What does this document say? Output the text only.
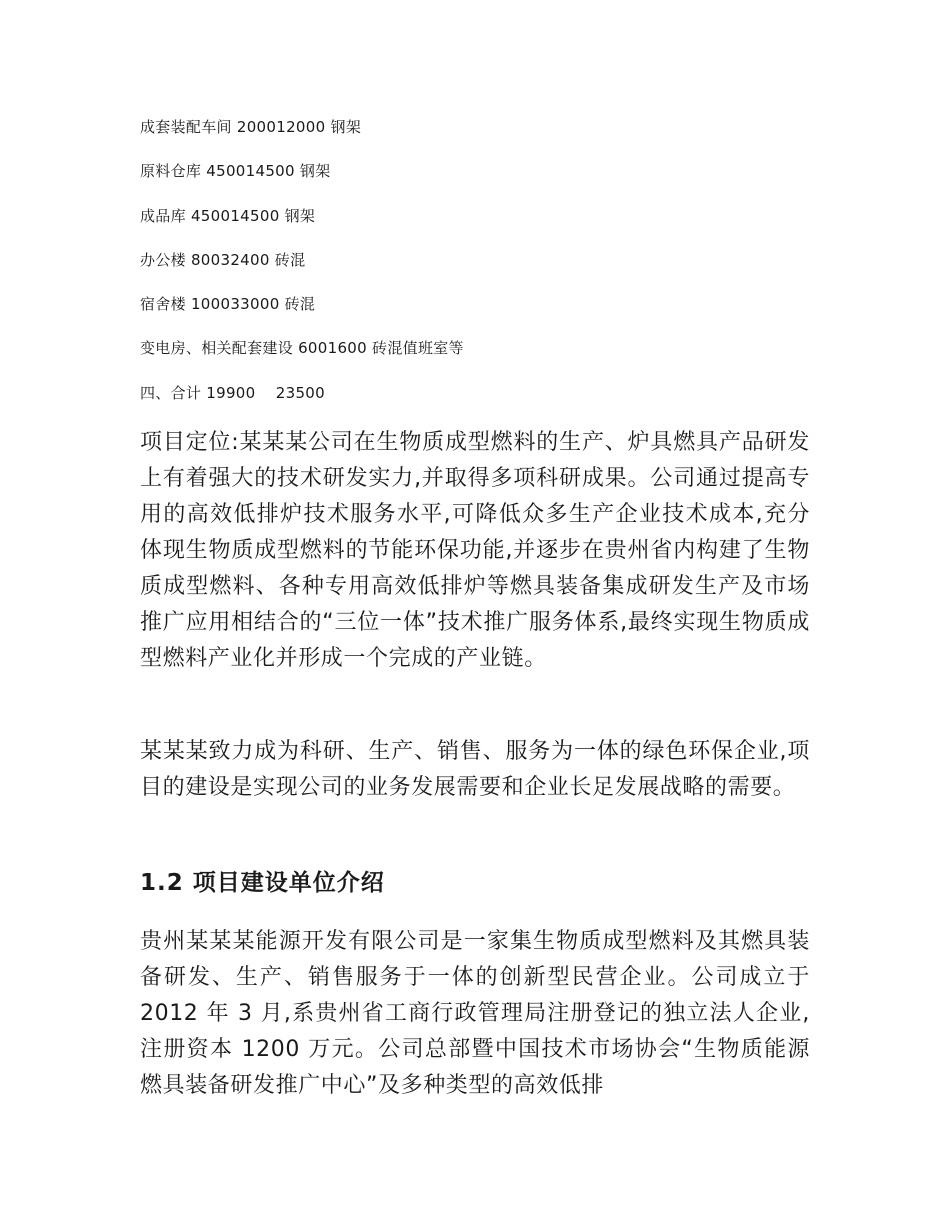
成套装配车间 200012000 钢架
原料仓库 450014500 钢架
成品库 450014500 钢架
办公楼 80032400 砖混
宿舍楼 100033000 砖混
变电房、相关配套建设 6001600 砖混值班室等
四、合计 19900    23500

项目定位:某某某公司在生物质成型燃料的生产、炉具燃具产品研发上有着强大的技术研发实力,并取得多项科研成果。公司通过提高专用的高效低排炉技术服务水平,可降低众多生产企业技术成本,充分体现生物质成型燃料的节能环保功能,并逐步在贵州省内构建了生物质成型燃料、各种专用高效低排炉等燃具装备集成研发生产及市场推广应用相结合的“三位一体”技术推广服务体系,最终实现生物质成型燃料产业化并形成一个完成的产业链。

某某某致力成为科研、生产、销售、服务为一体的绿色环保企业,项目的建设是实现公司的业务发展需要和企业长足发展战略的需要。

1.2 项目建设单位介绍

贵州某某某能源开发有限公司是一家集生物质成型燃料及其燃具装备研发、生产、销售服务于一体的创新型民营企业。公司成立于 2012 年 3 月,系贵州省工商行政管理局注册登记的独立法人企业,注册资本 1200 万元。公司总部暨中国技术市场协会“生物质能源燃具装备研发推广中心”及多种类型的高效低排
